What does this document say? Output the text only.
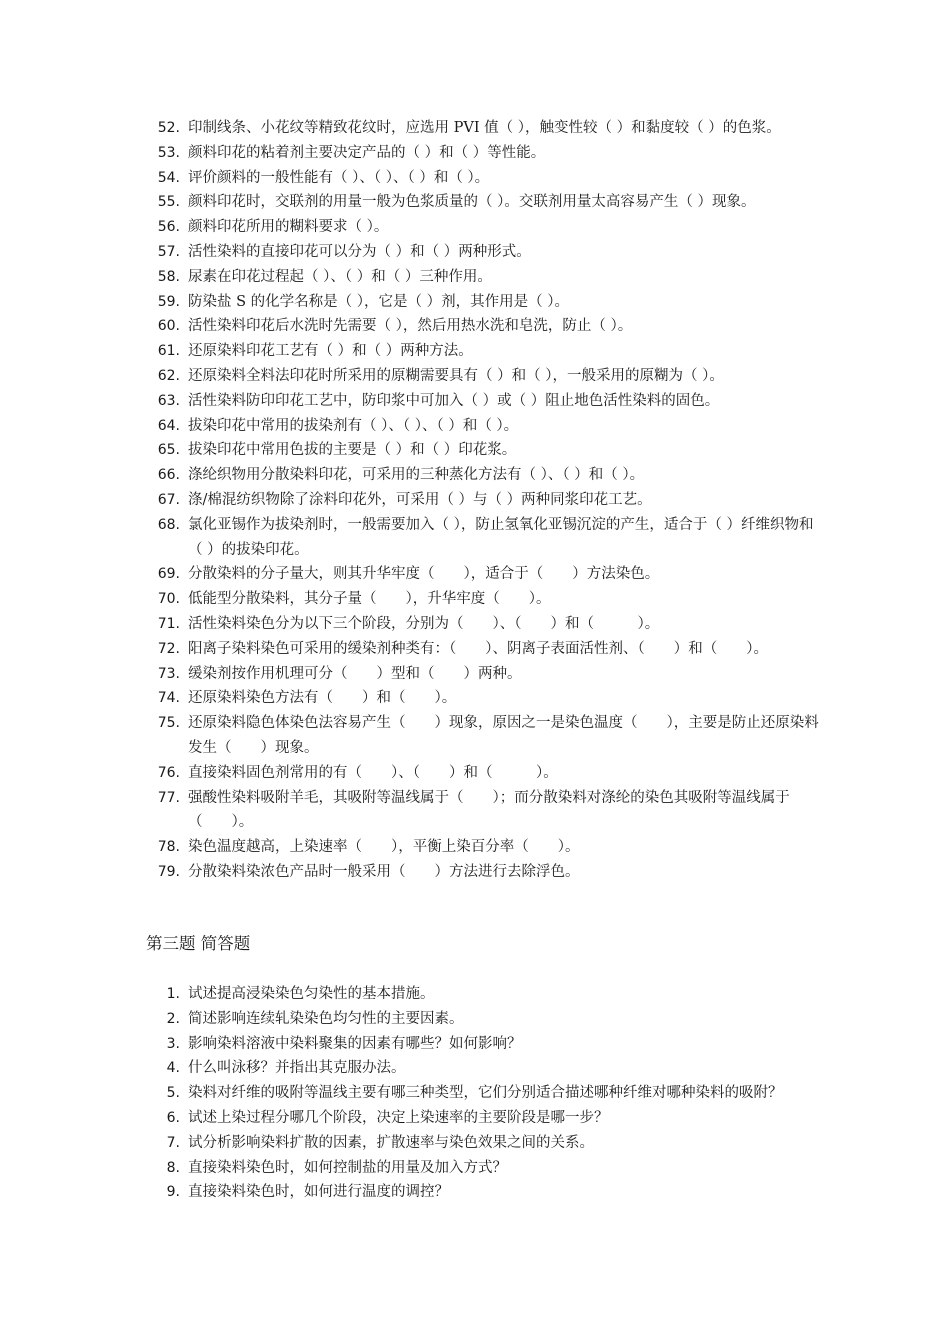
52. 印制线条、小花纹等精致花纹时，应选用 PVI 值（ ），触变性较（ ）和黏度较（ ）的色浆。
53. 颜料印花的粘着剂主要决定产品的（ ）和（ ）等性能。
54. 评价颜料的一般性能有（ ）、（ ）、（ ）和（ ）。
55. 颜料印花时，交联剂的用量一般为色浆质量的（ ）。交联剂用量太高容易产生（ ）现象。
56. 颜料印花所用的糊料要求（ ）。
57. 活性染料的直接印花可以分为（ ）和（ ）两种形式。
58. 尿素在印花过程起（ ）、（ ）和（ ）三种作用。
59. 防染盐 S 的化学名称是（ ），它是（ ）剂，其作用是（ ）。
60. 活性染料印花后水洗时先需要（ ），然后用热水洗和皂洗，防止（ ）。
61. 还原染料印花工艺有（ ）和（ ）两种方法。
62. 还原染料全料法印花时所采用的原糊需要具有（ ）和（ ），一般采用的原糊为（ ）。
63. 活性染料防印印花工艺中，防印浆中可加入（ ）或（ ）阻止地色活性染料的固色。
64. 拔染印花中常用的拔染剂有（ ）、（ ）、（ ）和（ ）。
65. 拔染印花中常用色拔的主要是（ ）和（ ）印花浆。
66. 涤纶织物用分散染料印花，可采用的三种蒸化方法有（ ）、（ ）和（ ）。
67. 涤/棉混纺织物除了涂料印花外，可采用（ ）与（ ）两种同浆印花工艺。
68. 氯化亚锡作为拔染剂时，一般需要加入（ ），防止氢氧化亚锡沉淀的产生，适合于（ ）纤维织物和（ ）的拔染印花。
69. 分散染料的分子量大，则其升华牢度（　　），适合于（　　）方法染色。
70. 低能型分散染料，其分子量（　　），升华牢度（　　）。
71. 活性染料染色分为以下三个阶段，分别为（　　）、（　　）和（　　　）。
72. 阳离子染料染色可采用的缓染剂种类有：（　　）、阴离子表面活性剂、（　　）和（　　）。
73. 缓染剂按作用机理可分（　　）型和（　　）两种。
74. 还原染料染色方法有（　　）和（　　）。
75. 还原染料隐色体染色法容易产生（　　）现象，原因之一是染色温度（　　），主要是防止还原染料发生（　　）现象。
76. 直接染料固色剂常用的有（　　）、（　　）和（　　　）。
77. 强酸性染料吸附羊毛，其吸附等温线属于（　　）；而分散染料对涤纶的染色其吸附等温线属于（　　）。
78. 染色温度越高，上染速率（　　），平衡上染百分率（　　）。
79. 分散染料染浓色产品时一般采用（　　）方法进行去除浮色。
第三题 简答题
1. 试述提高浸染染色匀染性的基本措施。
2. 简述影响连续轧染染色均匀性的主要因素。
3. 影响染料溶液中染料聚集的因素有哪些？如何影响？
4. 什么叫泳移？并指出其克服办法。
5. 染料对纤维的吸附等温线主要有哪三种类型，它们分别适合描述哪种纤维对哪种染料的吸附？
6. 试述上染过程分哪几个阶段，决定上染速率的主要阶段是哪一步？
7. 试分析影响染料扩散的因素，扩散速率与染色效果之间的关系。
8. 直接染料染色时，如何控制盐的用量及加入方式？
9. 直接染料染色时，如何进行温度的调控？
